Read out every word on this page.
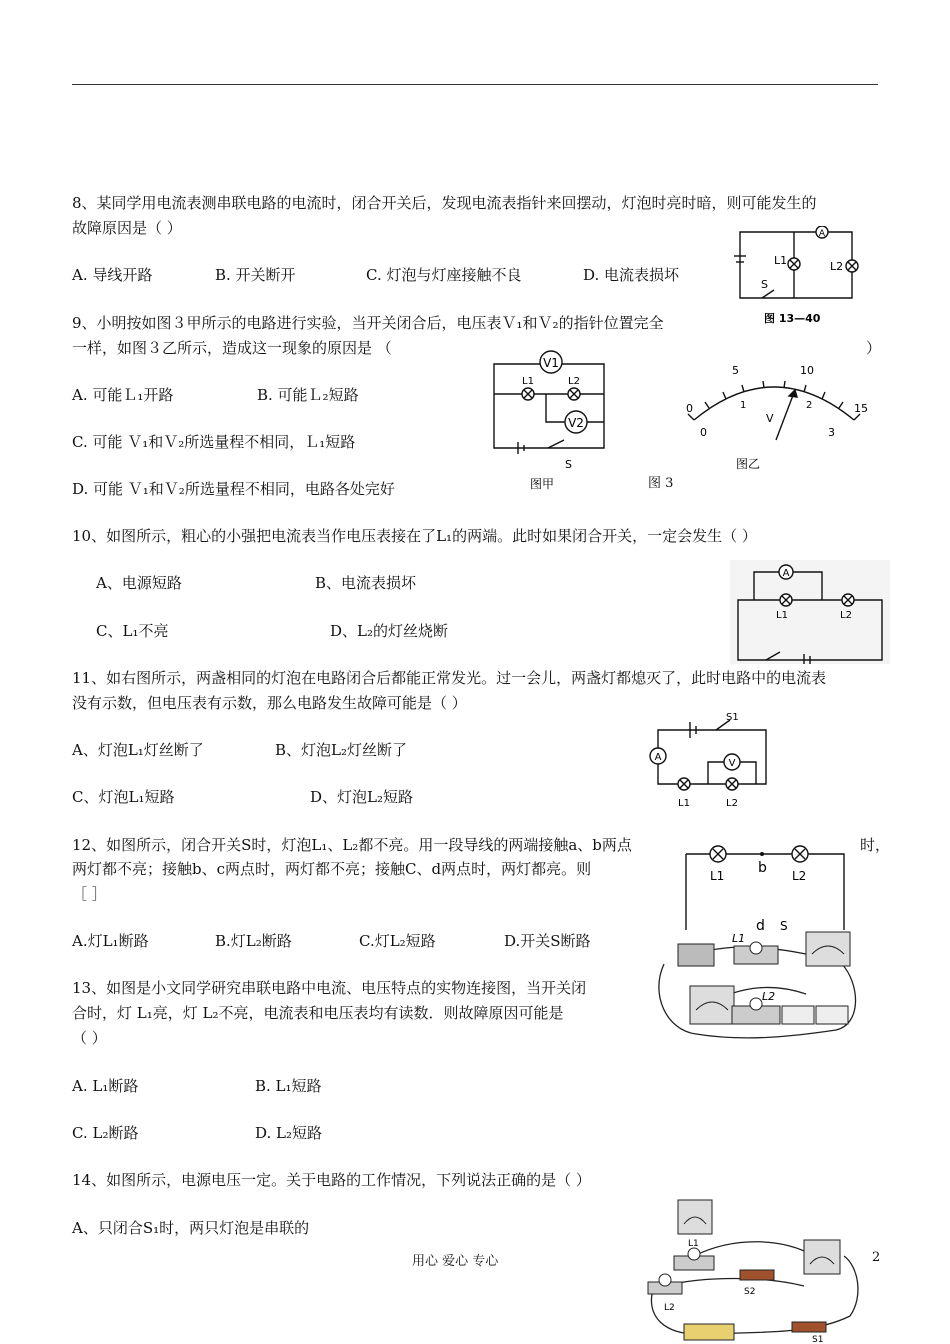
8、某同学用电流表测串联电路的电流时，闭合开关后，发现电流表指针来回摆动，灯泡时亮时暗，则可能发生的
故障原因是（ ）
A. 导线开路	B. 开关断开	C. 灯泡与灯座接触不良	D. 电流表损坏
A
L1	L2
S
图 13—40
9、小明按如图３甲所示的电路进行实验，当开关闭合后，电压表Ｖ₁和Ｖ₂的指针位置完全
一样，如图３乙所示，造成这一现象的原因是 （	）
A. 可能Ｌ₁开路	B. 可能Ｌ₂短路
C. 可能 Ｖ₁和Ｖ₂所选量程不相同，Ｌ₁短路
D. 可能 Ｖ₁和Ｖ₂所选量程不相同，电路各处完好
V1
L1	L2
V2
S
图甲	图 3
0
5	10
15
0
1	2
3
V
图乙
10、如图所示，粗心的小强把电流表当作电压表接在了L₁的两端。此时如果闭合开关，一定会发生（ ）
A、电源短路	B、电流表损坏
C、L₁不亮	D、L₂的灯丝烧断
A
L1	L2
11、如右图所示，两盏相同的灯泡在电路闭合后都能正常发光。过一会儿，两盏灯都熄灭了，此时电路中的电流表
没有示数，但电压表有示数，那么电路发生故障可能是（ ）
A、灯泡L₁灯丝断了	B、灯泡L₂灯丝断了
C、灯泡L₁短路	D、灯泡L₂短路
A
V
S1
L1	L2
12、如图所示，闭合开关S时，灯泡L₁、L₂都不亮。用一段导线的两端接触a、b两点	时，
两灯都不亮；接触b、c两点时，两灯都不亮；接触C、d两点时，两灯都亮。则
［ ］
A.灯L₁断路	B.灯L₂断路	C.灯L₂短路	D.开关S断路
L1	L2
b
d S
13、如图是小文同学研究串联电路中电流、电压特点的实物连接图，当开关闭
合时，灯 L₁亮，灯 L₂不亮，电流表和电压表均有读数．则故障原因可能是
（ ）
A. L₁断路	B. L₁短路
C. L₂断路	D. L₂短路
L1
L2
14、如图所示，电源电压一定。关于电路的工作情况，下列说法正确的是（ ）
A、只闭合S₁时，两只灯泡是串联的
L1
L2
S2
S1
用心 爱心 专心	2
